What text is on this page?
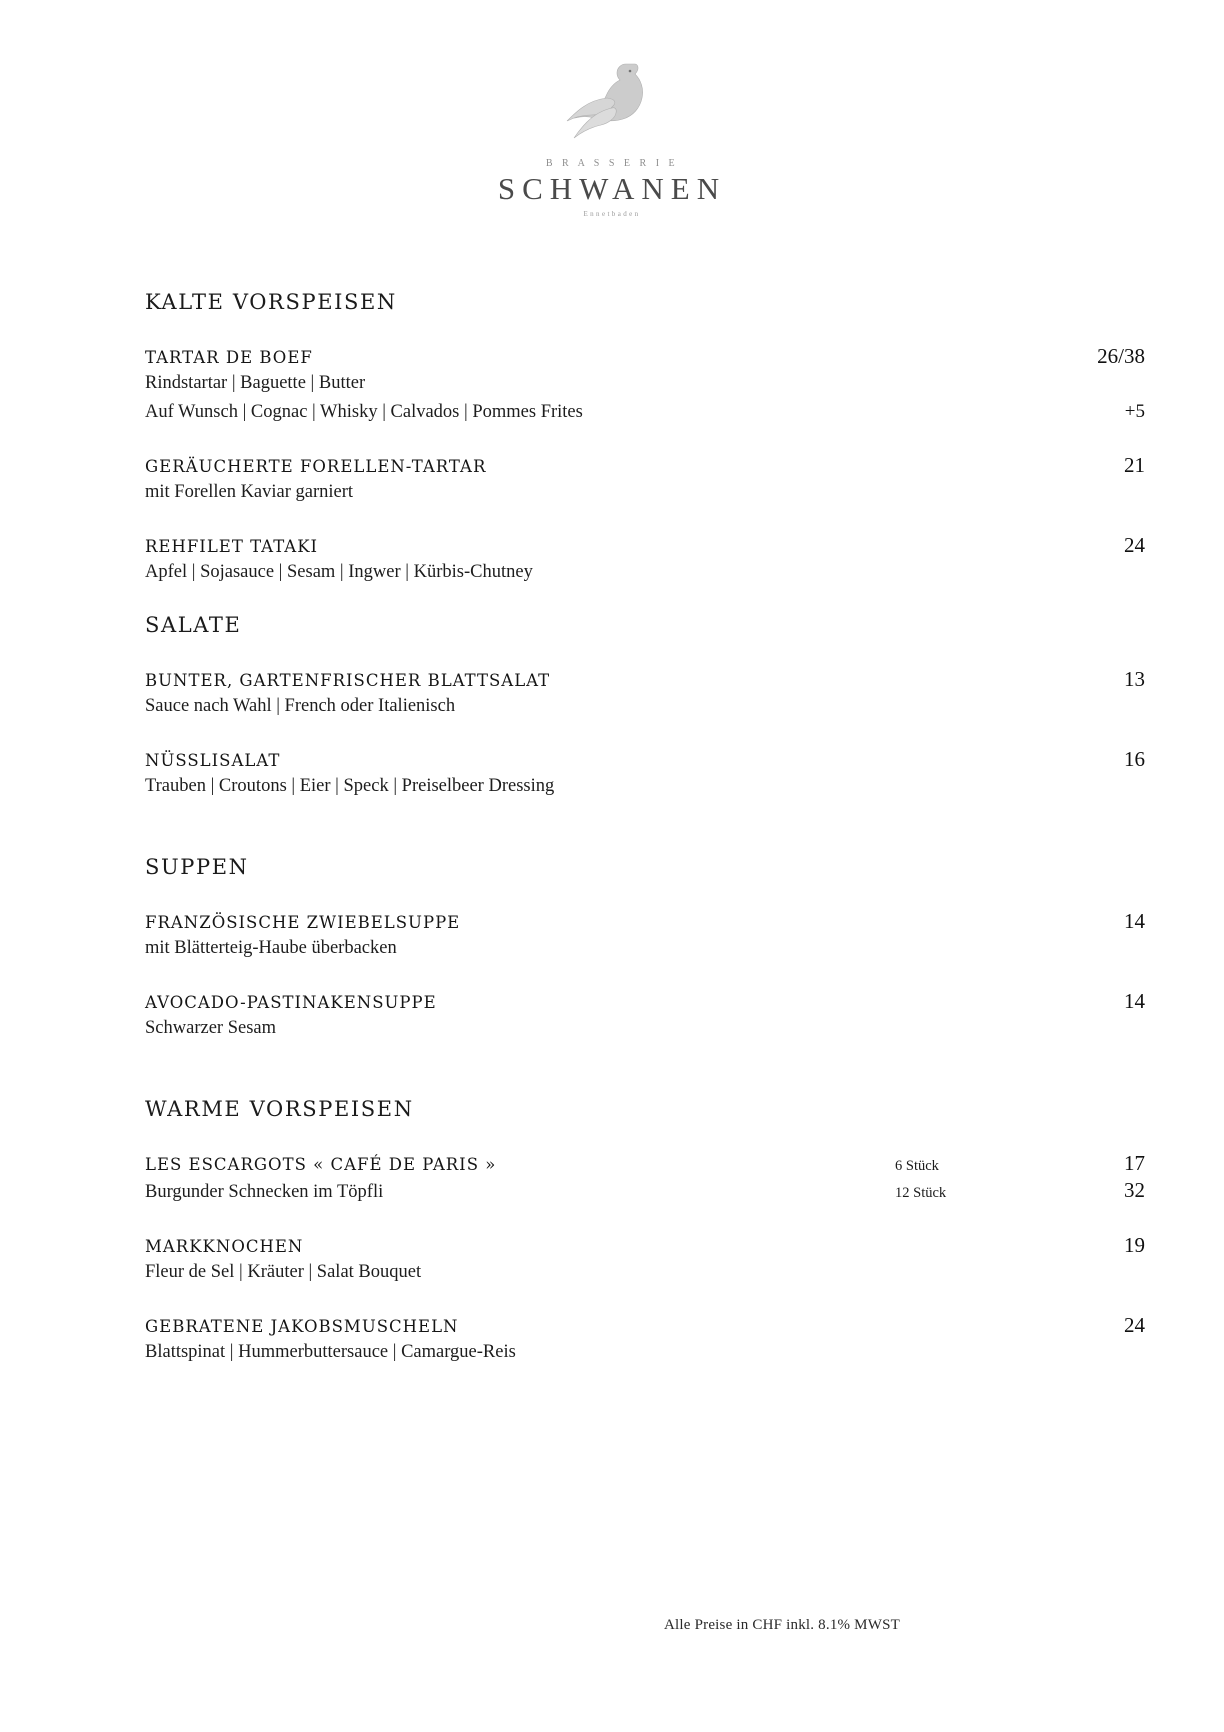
B R A S S E R I E
SCHWANEN
Ennetbaden
KALTE VORSPEISEN
TARTAR DE BOEF	26/38
Rindstartar | Baguette | Butter
Auf Wunsch | Cognac | Whisky | Calvados | Pommes Frites	+5
GERÄUCHERTE FORELLEN-TARTAR	21
mit Forellen Kaviar garniert
REHFILET TATAKI	24
Apfel | Sojasauce | Sesam | Ingwer | Kürbis-Chutney
SALATE
BUNTER, GARTENFRISCHER BLATTSALAT	13
Sauce nach Wahl | French oder Italienisch
NÜSSLISALAT	16
Trauben | Croutons | Eier | Speck | Preiselbeer Dressing
SUPPEN
FRANZÖSISCHE ZWIEBELSUPPE	14
mit Blätterteig-Haube überbacken
AVOCADO-PASTINAKENSUPPE	14
Schwarzer Sesam
WARME VORSPEISEN
LES ESCARGOTS « CAFÉ DE PARIS »	6 Stück	17
Burgunder Schnecken im Töpfli	12 Stück	32
MARKKNOCHEN	19
Fleur de Sel | Kräuter | Salat Bouquet
GEBRATENE JAKOBSMUSCHELN	24
Blattspinat | Hummerbuttersauce | Camargue-Reis
Alle Preise in CHF inkl. 8.1% MWST
